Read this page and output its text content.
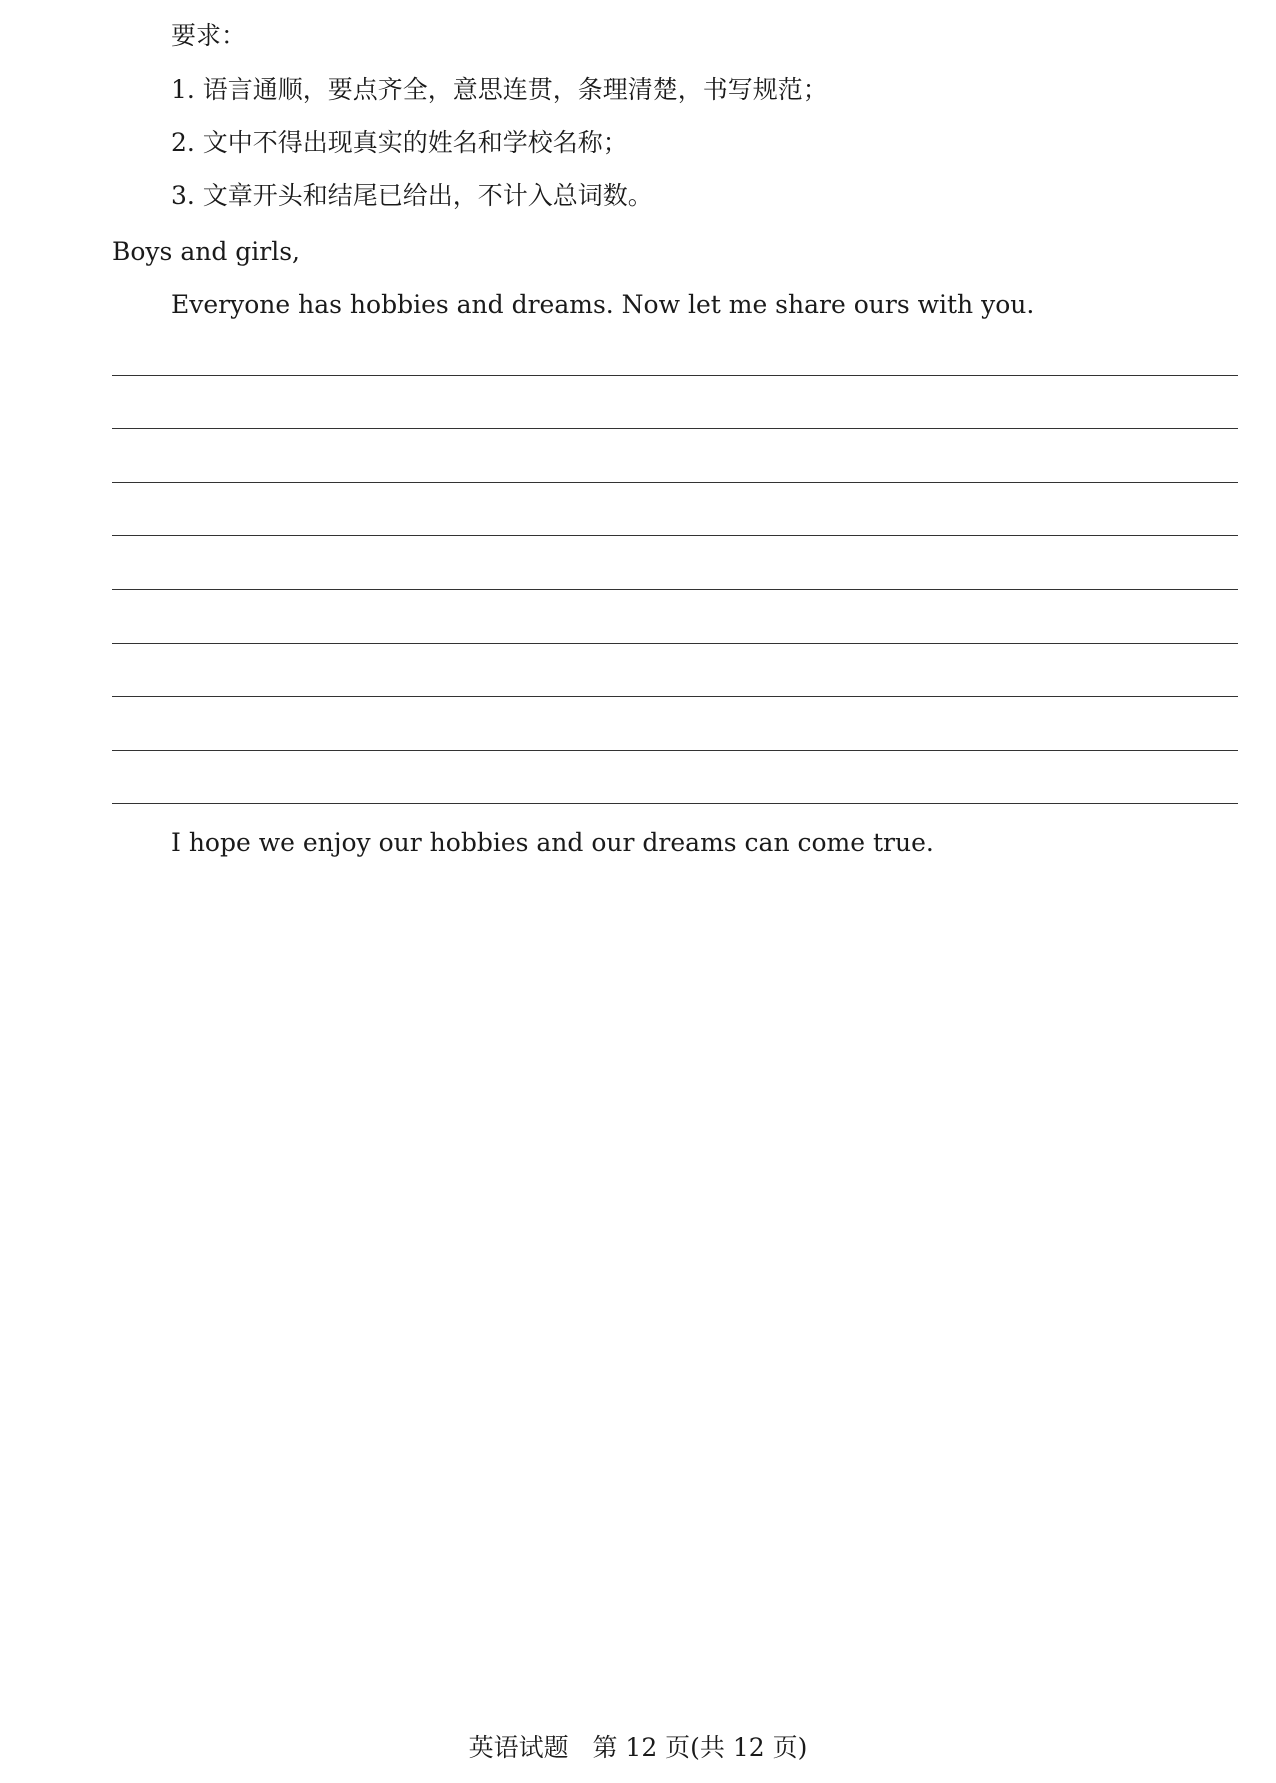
要求：

1. 语言通顺，要点齐全，意思连贯，条理清楚，书写规范；
2. 文中不得出现真实的姓名和学校名称；
3. 文章开头和结尾已给出，不计入总词数。

Boys and girls,

Everyone has hobbies and dreams. Now let me share ours with you.

I hope we enjoy our hobbies and our dreams can come true.

英语试题 第 12 页(共 12 页)
